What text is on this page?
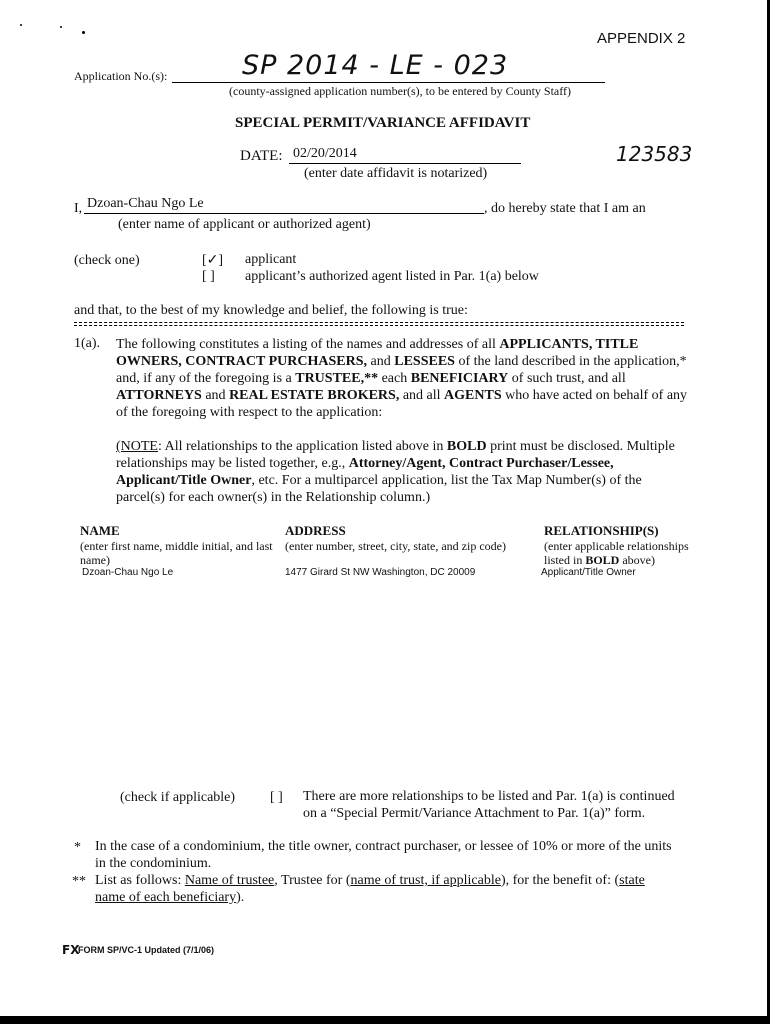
APPENDIX 2
Application No.(s):	SP 2014 - LE - 023
(county-assigned application number(s), to be entered by County Staff)
SPECIAL PERMIT/VARIANCE AFFIDAVIT
DATE: 02/20/2014
(enter date affidavit is notarized)
123583
I, Dzoan-Chau Ngo Le	, do hereby state that I am an
(enter name of applicant or authorized agent)
(check one)	[✓] applicant
[ ] applicant’s authorized agent listed in Par. 1(a) below
and that, to the best of my knowledge and belief, the following is true:
1(a). The following constitutes a listing of the names and addresses of all APPLICANTS, TITLE OWNERS, CONTRACT PURCHASERS, and LESSEES of the land described in the application,* and, if any of the foregoing is a TRUSTEE,** each BENEFICIARY of such trust, and all ATTORNEYS and REAL ESTATE BROKERS, and all AGENTS who have acted on behalf of any of the foregoing with respect to the application:
(NOTE: All relationships to the application listed above in BOLD print must be disclosed. Multiple relationships may be listed together, e.g., Attorney/Agent, Contract Purchaser/Lessee, Applicant/Title Owner, etc. For a multiparcel application, list the Tax Map Number(s) of the parcel(s) for each owner(s) in the Relationship column.)
NAME
(enter first name, middle initial, and last name)
ADDRESS
(enter number, street, city, state, and zip code)
RELATIONSHIP(S)
(enter applicable relationships listed in BOLD above)
Dzoan-Chau Ngo Le	1477 Girard St NW Washington, DC 20009	Applicant/Title Owner
(check if applicable) [ ] There are more relationships to be listed and Par. 1(a) is continued
on a “Special Permit/Variance Attachment to Par. 1(a)” form.
* In the case of a condominium, the title owner, contract purchaser, or lessee of 10% or more of the units
in the condominium.
** List as follows: Name of trustee, Trustee for (name of trust, if applicable), for the benefit of: (state
name of each beneficiary).
FX
FORM SP/VC-1 Updated (7/1/06)
